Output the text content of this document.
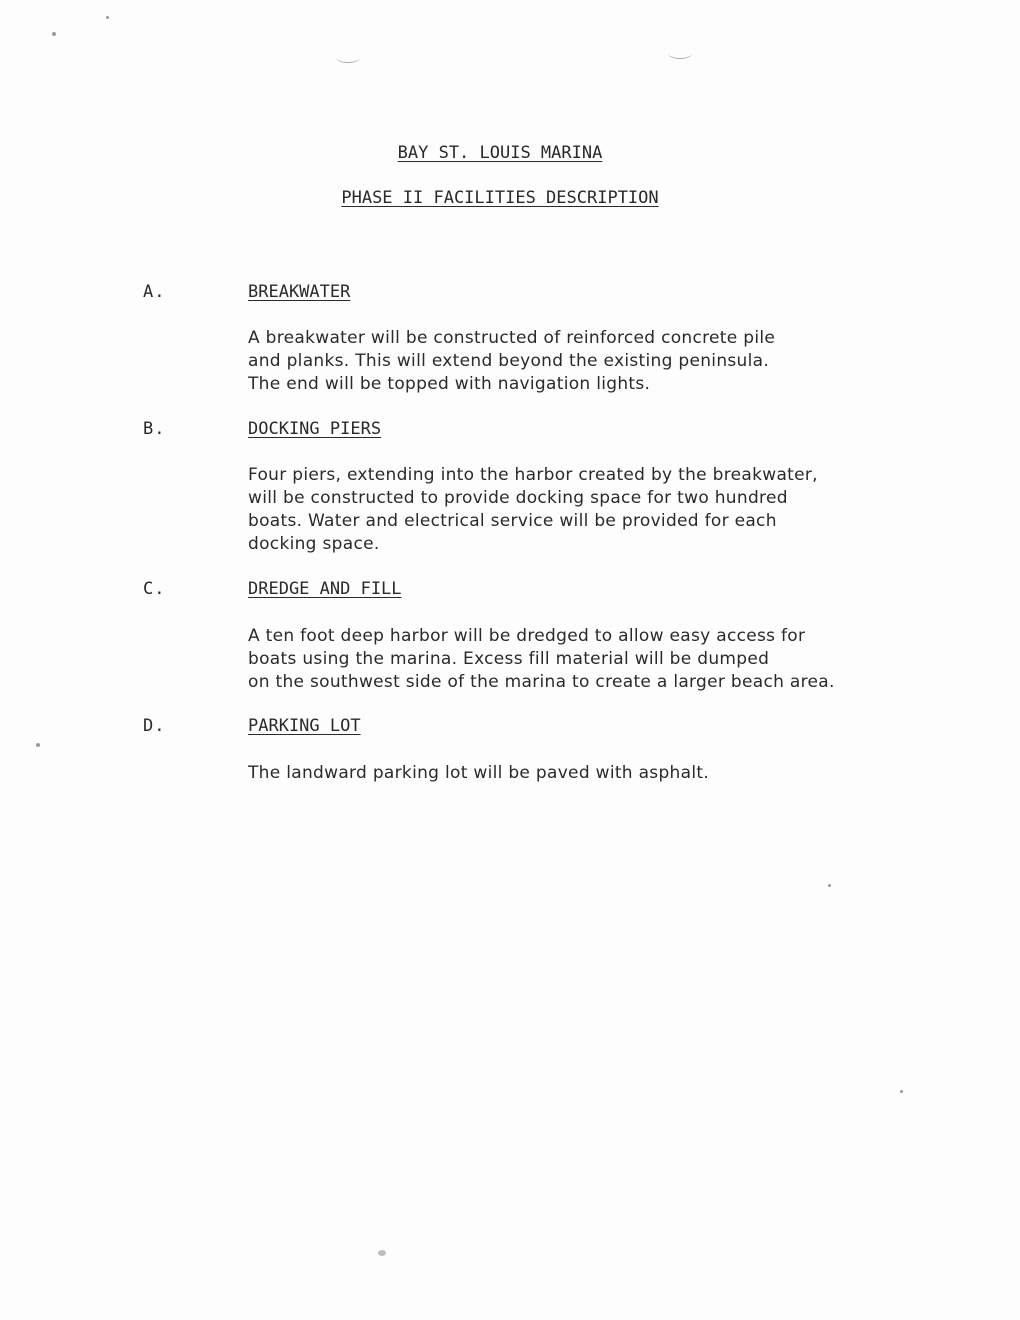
BAY ST. LOUIS MARINA
PHASE II FACILITIES DESCRIPTION
A.	BREAKWATER

A breakwater will be constructed of reinforced concrete pile
and planks. This will extend beyond the existing peninsula.
The end will be topped with navigation lights.

B.	DOCKING PIERS

Four piers, extending into the harbor created by the breakwater,
will be constructed to provide docking space for two hundred
boats. Water and electrical service will be provided for each
docking space.

C.	DREDGE AND FILL

A ten foot deep harbor will be dredged to allow easy access for
boats using the marina. Excess fill material will be dumped
on the southwest side of the marina to create a larger beach area.

D.	PARKING LOT

The landward parking lot will be paved with asphalt.
